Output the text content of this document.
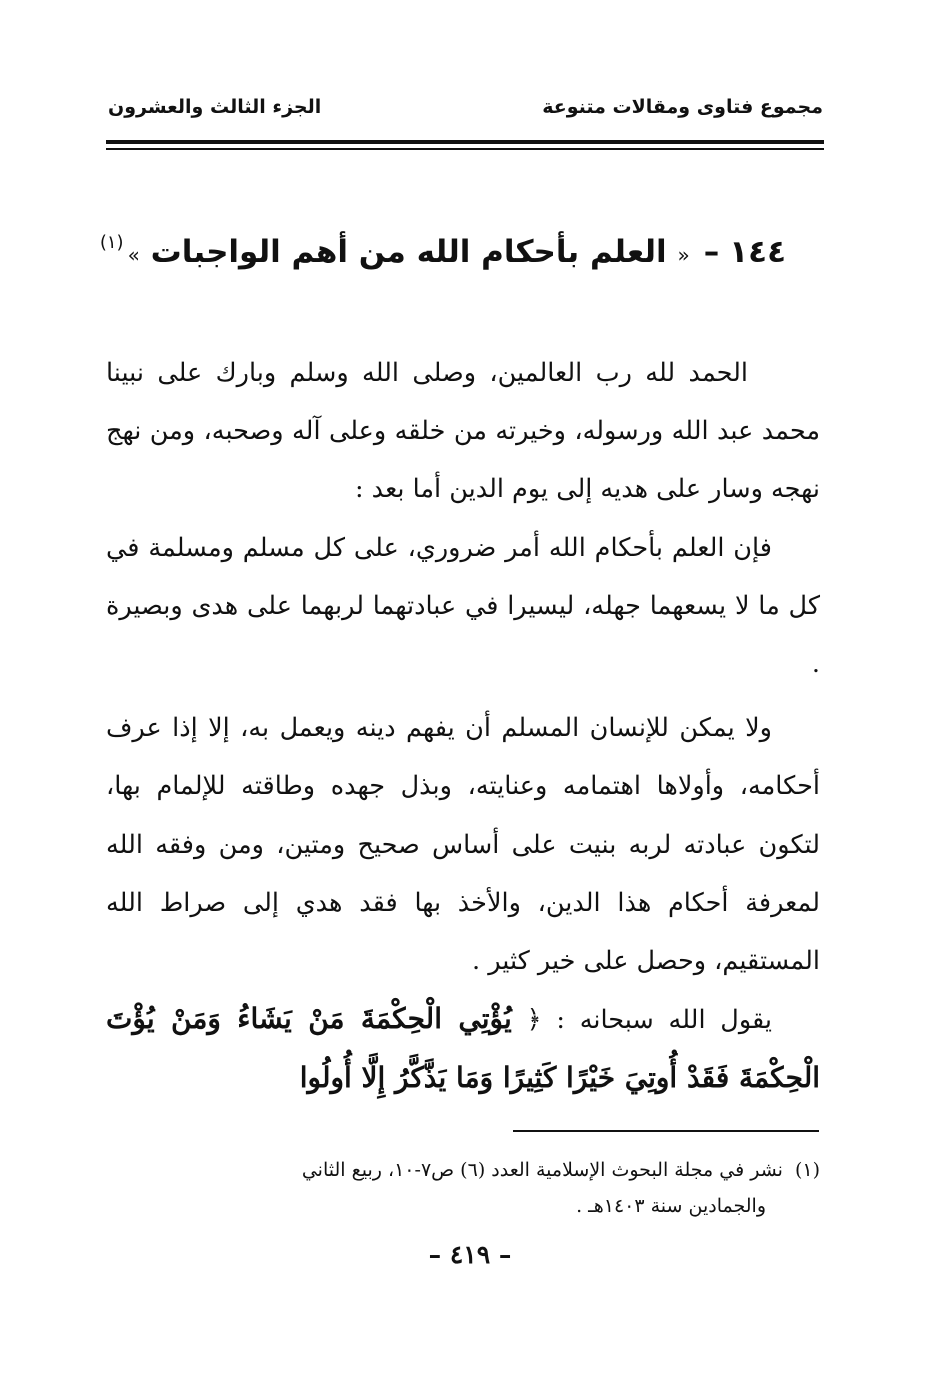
مجموع فتاوى ومقالات متنوعة
الجزء الثالث والعشرون
١٤٤–« العلم بأحكام الله من أهم الواجبات »$^{(١)}$

الحمد لله رب العالمين، وصلى الله وسلم وبارك على نبينا محمد عبد الله ورسوله، وخيرته من خلقه وعلى آله وصحبه، ومن نهج نهجه وسار على هديه إلى يوم الدين أما بعد :

فإن العلم بأحكام الله أمر ضروري، على كل مسلم ومسلمة في كل ما لا يسعهما جهله، ليسيرا في عبادتهما لربهما على هدى وبصيرة .

ولا يمكن للإنسان المسلم أن يفهم دينه ويعمل به، إلا إذا عرف أحكامه، وأولاها اهتمامه وعنايته، وبذل جهده وطاقته للإلمام بها، لتكون عبادته لربه بنيت على أساس صحيح ومتين، ومن وفقه الله لمعرفة أحكام هذا الدين، والأخذ بها فقد هدي إلى صراط الله المستقيم، وحصل على خير كثير .

يقول الله سبحانه : ﴿ يُؤْتِي الْحِكْمَةَ مَنْ يَشَاءُ وَمَنْ يُؤْتَ الْحِكْمَةَ فَقَدْ أُوتِيَ خَيْرًا كَثِيرًا وَمَا يَذَّكَّرُ إِلَّا أُولُوا

(١)نشر في مجلة البحوث الإسلامية العدد (٦) ص٧-١٠، ربيع الثاني
والجمادين سنة ١٤٠٣هـ .
– ٤١٩ –
